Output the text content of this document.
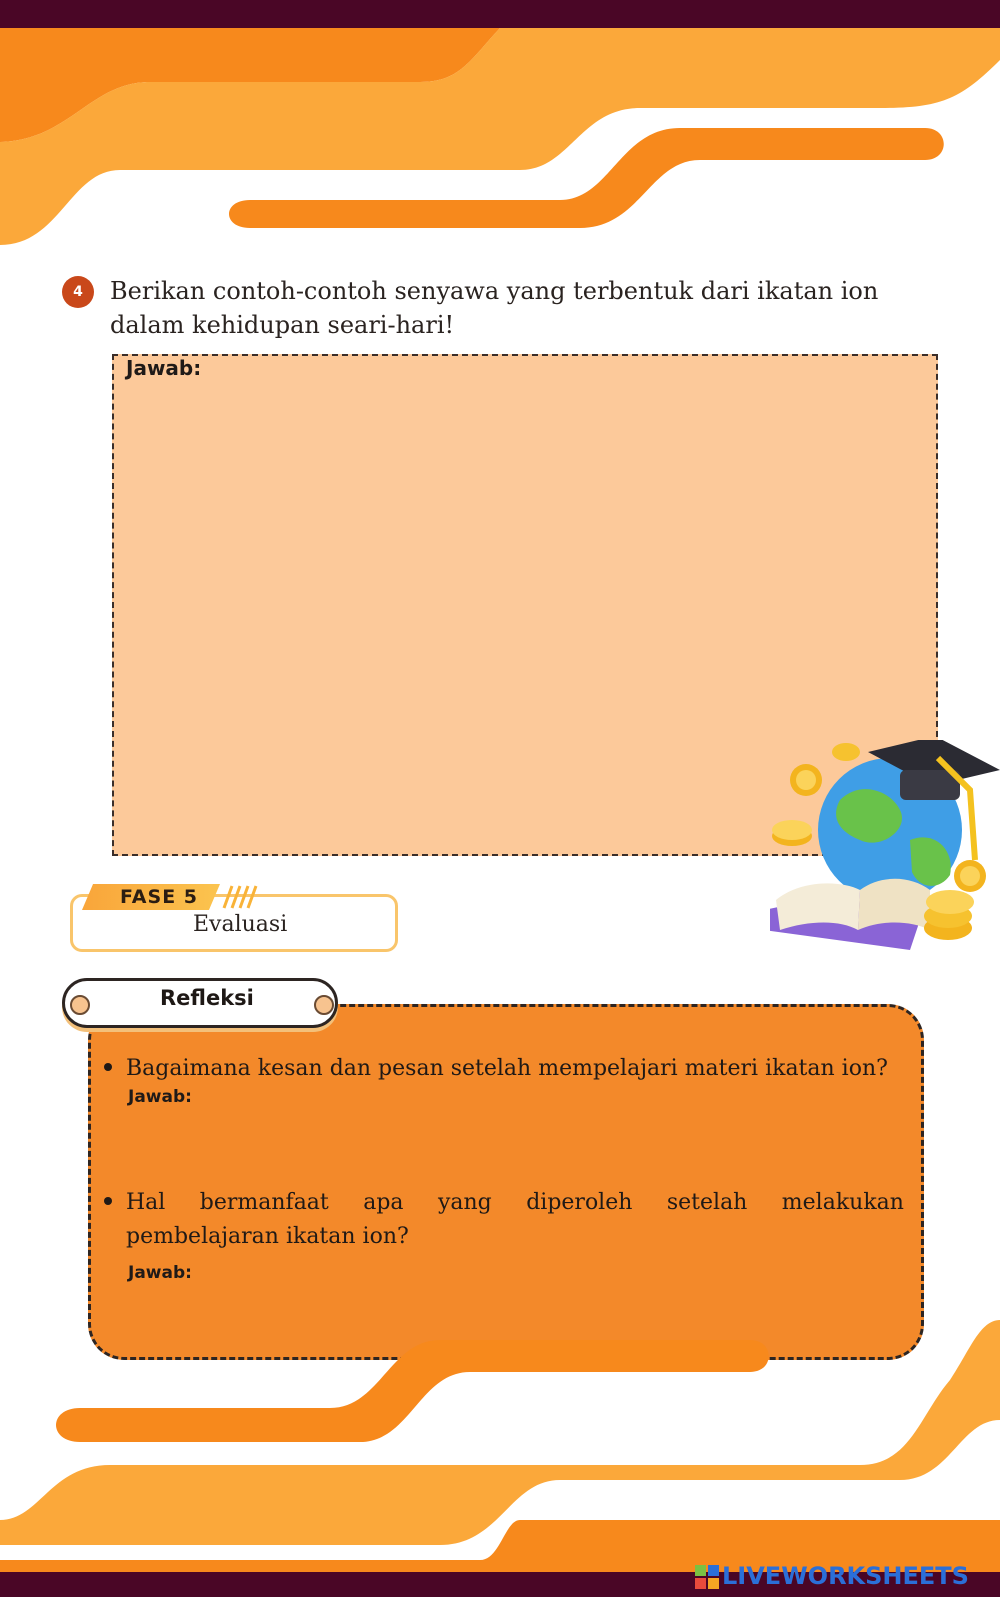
4	Berikan contoh-contoh senyawa yang terbentuk dari ikatan ion dalam kehidupan seari-hari!
Jawab:
FASE 5
Evaluasi
Refleksi
Bagaimana kesan dan pesan setelah mempelajari materi ikatan ion?
Jawab:
Hal bermanfaat apa yang diperoleh setelah melakukan
pembelajaran ikatan ion?
Jawab:
LIVEWORKSHEETS
